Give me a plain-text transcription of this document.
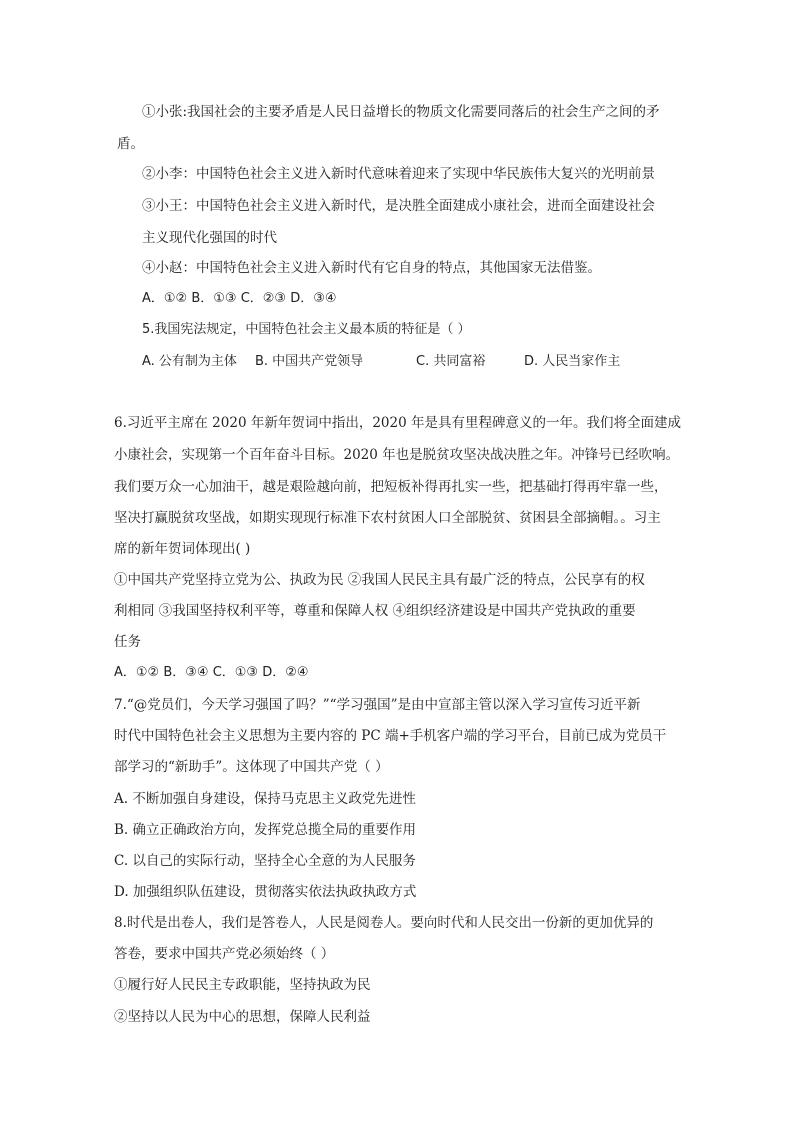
①小张:我国社会的主要矛盾是人民日益增长的物质文化需要同落后的社会生产之间的矛
盾。
②小李：中国特色社会主义进入新时代意味着迎来了实现中华民族伟大复兴的光明前景
③小王：中国特色社会主义进入新时代，是决胜全面建成小康社会，进而全面建设社会
主义现代化强国的时代
④小赵：中国特色社会主义进入新时代有它自身的特点，其他国家无法借鉴。
A．①② B．①③ C．②③ D．③④
5.我国宪法规定，中国特色社会主义最本质的特征是（ ）
A. 公有制为主体 B. 中国共产党领导	C. 共同富裕	D. 人民当家作主
6.习近平主席在 2020 年新年贺词中指出，2020 年是具有里程碑意义的一年。我们将全面建成
小康社会，实现第一个百年奋斗目标。2020 年也是脱贫攻坚决战决胜之年。冲锋号已经吹响。
我们要万众一心加油干，越是艰险越向前，把短板补得再扎实一些，把基础打得再牢靠一些，
坚决打赢脱贫攻坚战，如期实现现行标准下农村贫困人口全部脱贫、贫困县全部摘帽。。习主
席的新年贺词体现出( )
①中国共产党坚持立党为公、执政为民 ②我国人民民主具有最广泛的特点，公民享有的权
利相同 ③我国坚持权利平等，尊重和保障人权 ④组织经济建设是中国共产党执政的重要
任务
A．①② B．③④ C．①③ D．②④
7.“@党员们，今天学习强国了吗？”“学习强国”是由中宣部主管以深入学习宣传习近平新
时代中国特色社会主义思想为主要内容的 PC 端+手机客户端的学习平台，目前已成为党员干
部学习的“新助手”。这体现了中国共产党（ ）
A. 不断加强自身建设，保持马克思主义政党先进性
B. 确立正确政治方向，发挥党总揽全局的重要作用
C. 以自己的实际行动，坚持全心全意的为人民服务
D. 加强组织队伍建设，贯彻落实依法执政执政方式
8.时代是出卷人，我们是答卷人，人民是阅卷人。要向时代和人民交出一份新的更加优异的
答卷，要求中国共产党必须始终（ ）
①履行好人民民主专政职能，坚持执政为民
②坚持以人民为中心的思想，保障人民利益
